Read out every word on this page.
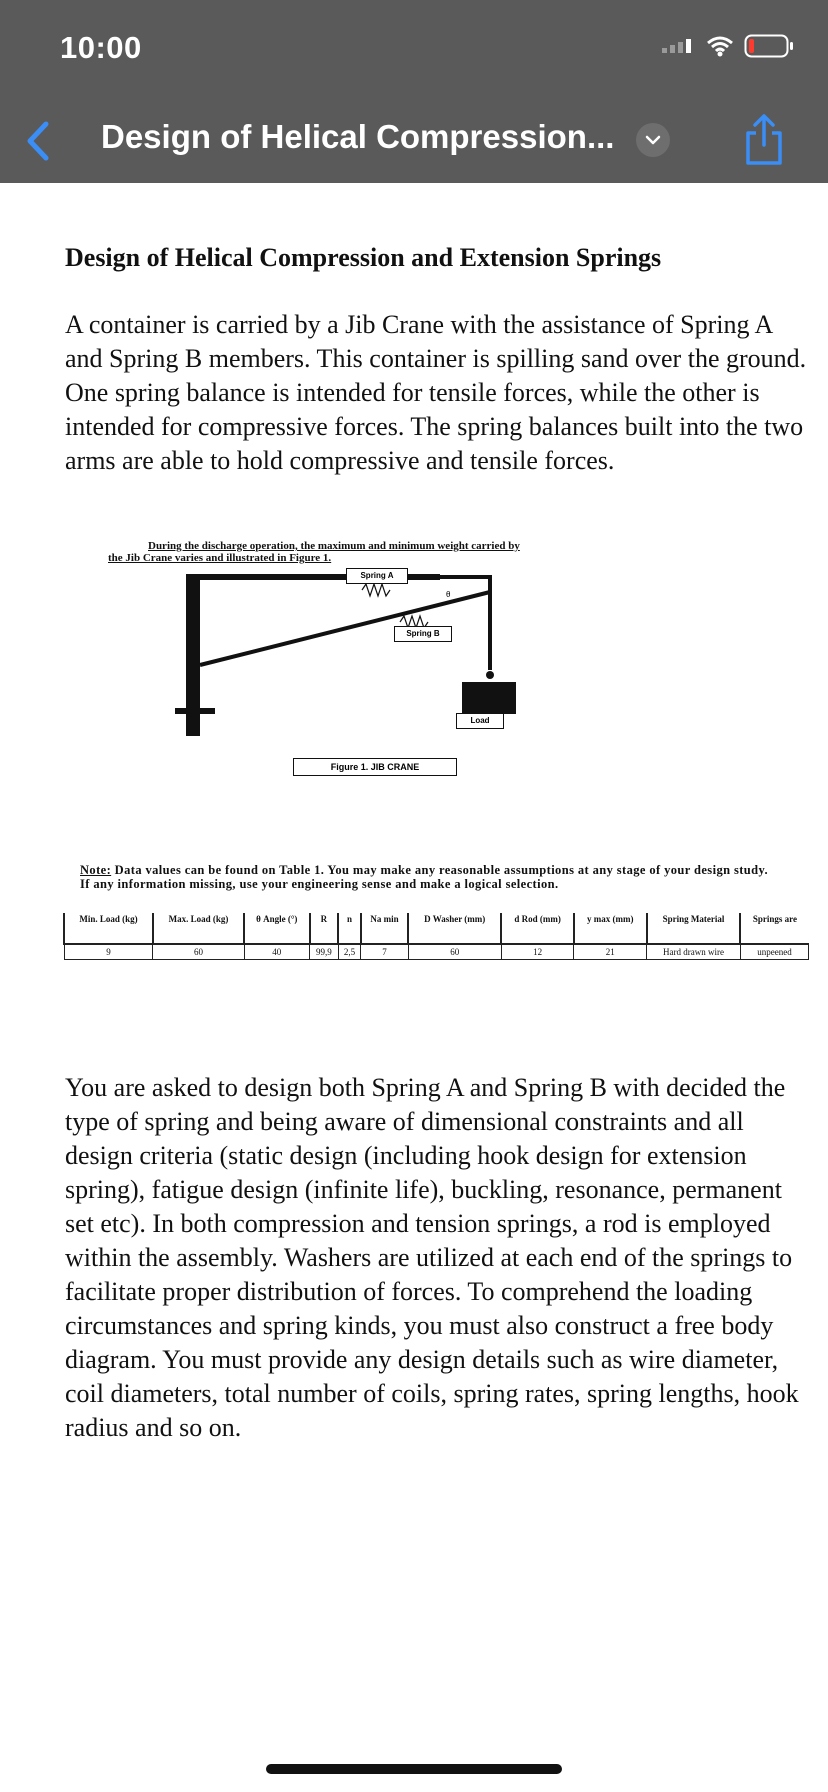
10:00
Design of Helical Compression...
Design of Helical Compression and Extension Springs
A container is carried by a Jib Crane with the assistance of Spring A and Spring B members. This container is spilling sand over the ground. One spring balance is intended for tensile forces, while the other is intended for compressive forces. The spring balances built into the two arms are able to hold compressive and tensile forces.
During the discharge operation, the maximum and minimum weight carried by
the Jib Crane varies and illustrated in Figure 1.
Spring A
θ
Spring B
Load
Figure 1. JIB CRANE
Note: Data values can be found on Table 1. You may make any reasonable assumptions at any stage of your design study. If any information missing, use your engineering sense and make a logical selection.
Min. Load (kg)	Max. Load (kg)	θ Angle (°)	R	n	Na min	D Washer (mm)	d Rod (mm)	y max (mm)	Spring Material	Springs are
9	60	40	99,9	2,5	7	60	12	21	Hard drawn wire	unpeened
You are asked to design both Spring A and Spring B with decided the type of spring and being aware of dimensional constraints and all design criteria (static design (including hook design for extension spring), fatigue design (infinite life), buckling, resonance, permanent set etc). In both compression and tension springs, a rod is employed within the assembly. Washers are utilized at each end of the springs to facilitate proper distribution of forces. To comprehend the loading circumstances and spring kinds, you must also construct a free body diagram. You must provide any design details such as wire diameter, coil diameters, total number of coils, spring rates, spring lengths, hook radius and so on.
